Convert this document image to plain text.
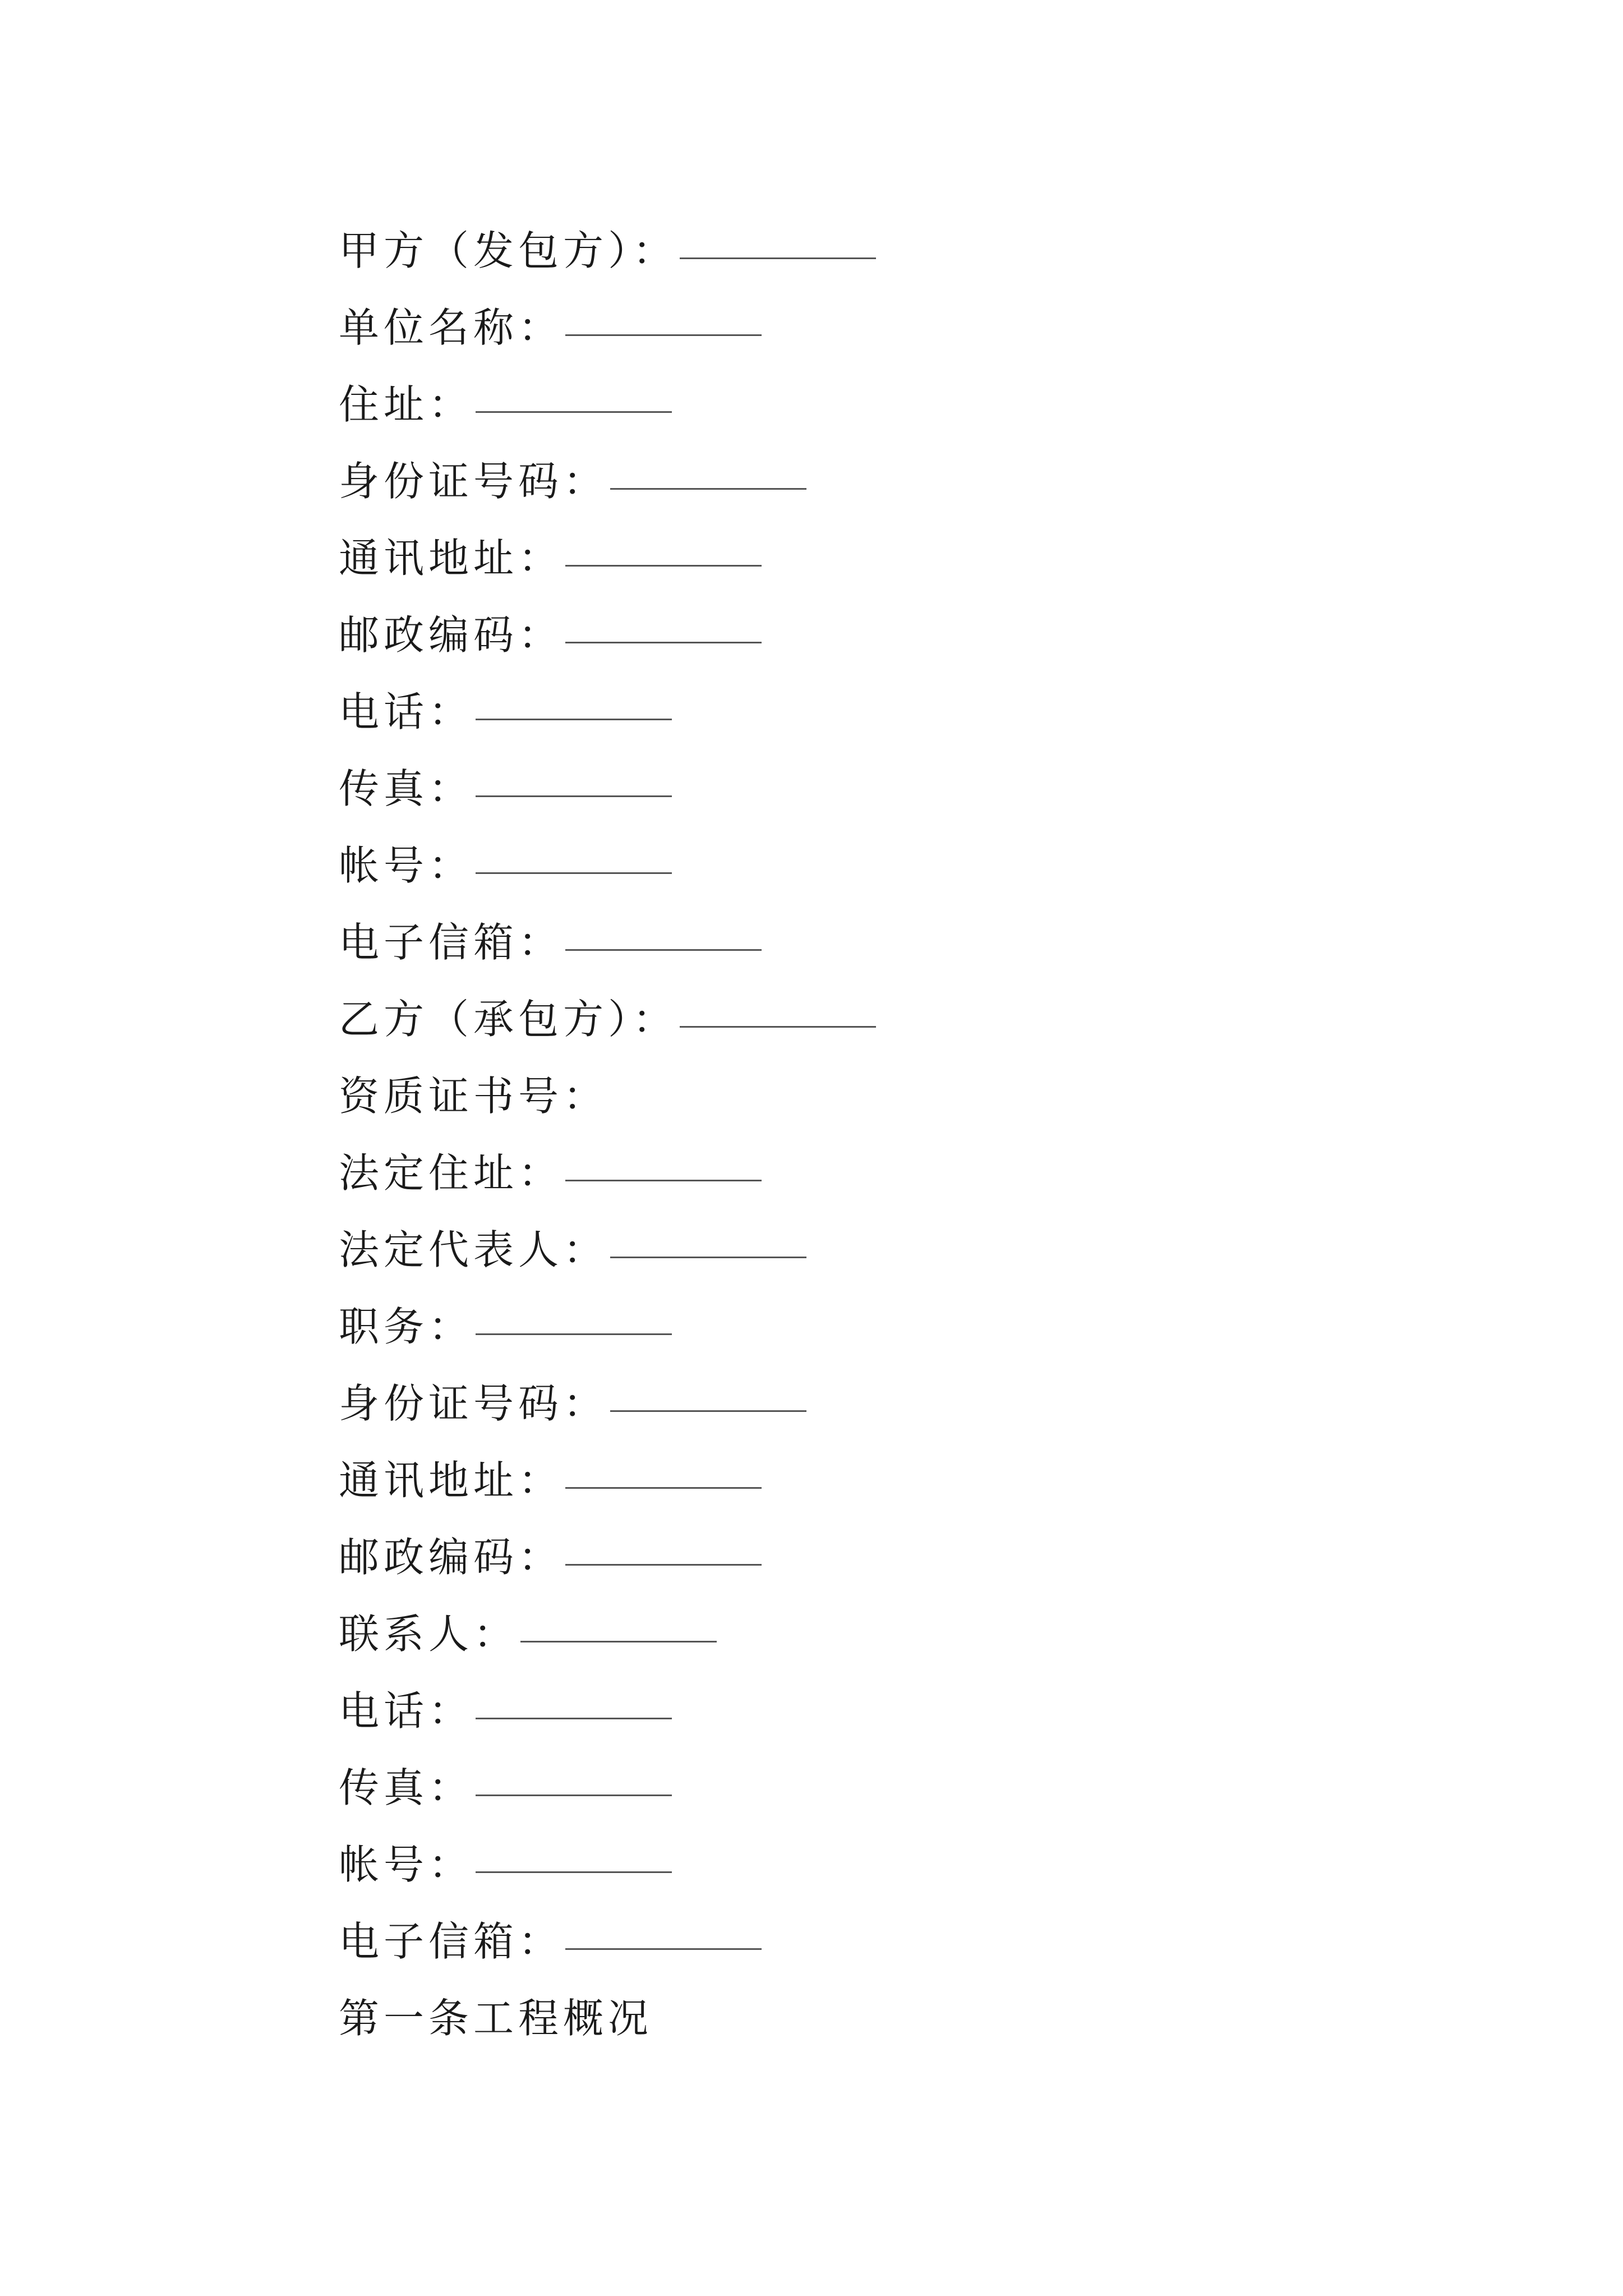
甲方（发包方）：
单位名称：
住址：
身份证号码：
通讯地址：
邮政编码：
电话：
传真：
帐号：
电子信箱：
乙方（承包方）：
资质证书号：
法定住址：
法定代表人：
职务：
身份证号码：
通讯地址：
邮政编码：
联系人：
电话：
传真：
帐号：
电子信箱：
第一条工程概况
